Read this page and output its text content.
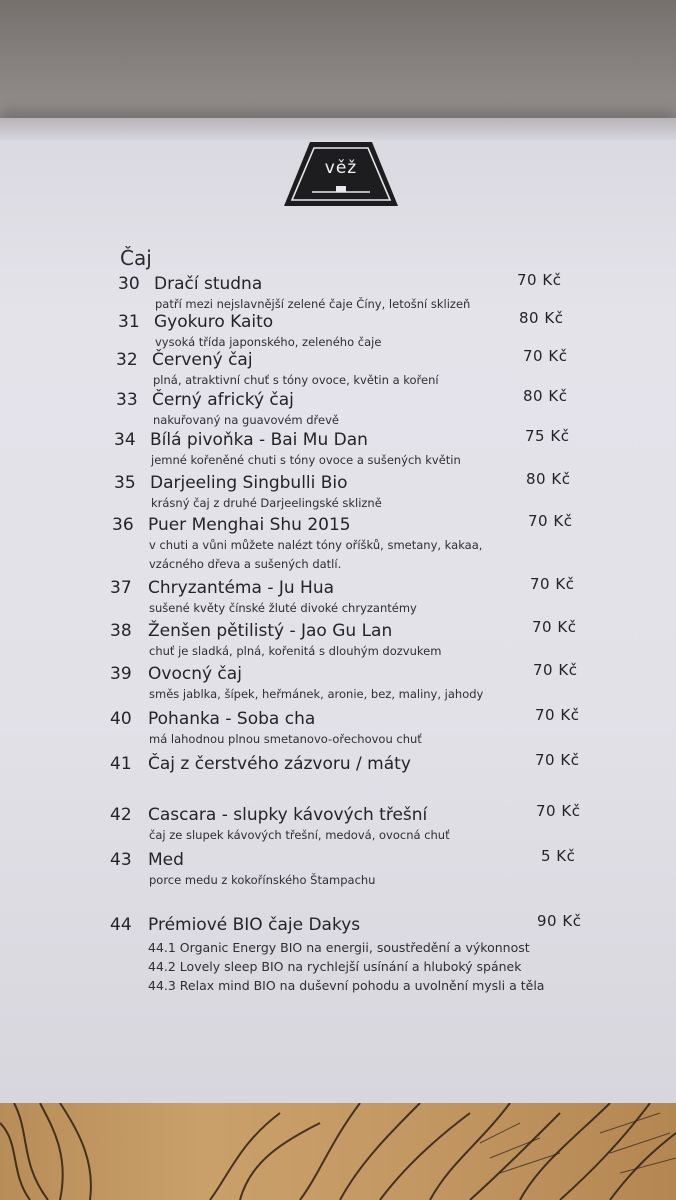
věž
Čaj
30 Dračí studna	70 Kč
patří mezi nejslavnější zelené čaje Číny, letošní sklizeň
31 Gyokuro Kaito	80 Kč
vysoká třída japonského, zeleného čaje
32 Červený čaj	70 Kč
plná, atraktivní chuť s tóny ovoce, květin a koření
33 Černý africký čaj	80 Kč
nakuřovaný na guavovém dřevě
34 Bílá pivoňka - Bai Mu Dan	75 Kč
jemné kořeněné chuti s tóny ovoce a sušených květin
35 Darjeeling Singbulli Bio	80 Kč
krásný čaj z druhé Darjeelingské sklizně
36 Puer Menghai Shu 2015	70 Kč
v chuti a vůni můžete nalézt tóny oříšků, smetany, kakaa,
vzácného dřeva a sušených datlí.
37 Chryzantéma - Ju Hua	70 Kč
sušené květy čínské žluté divoké chryzantémy
38 Ženšen pětilistý - Jao Gu Lan	70 Kč
chuť je sladká, plná, kořenitá s dlouhým dozvukem
39 Ovocný čaj	70 Kč
směs jablka, šípek, heřmánek, aronie, bez, maliny, jahody
40 Pohanka - Soba cha	70 Kč
má lahodnou plnou smetanovo-ořechovou chuť
41 Čaj z čerstvého zázvoru / máty	70 Kč
42 Cascara - slupky kávových třešní	70 Kč
čaj ze slupek kávových třešní, medová, ovocná chuť
43 Med	5 Kč
porce medu z kokořínského Štampachu
44 Prémiové BIO čaje Dakys	90 Kč
44.1 Organic Energy BIO na energii, soustředění a výkonnost
44.2 Lovely sleep BIO na rychlejší usínání a hluboký spánek
44.3 Relax mind BIO na duševní pohodu a uvolnění mysli a těla
